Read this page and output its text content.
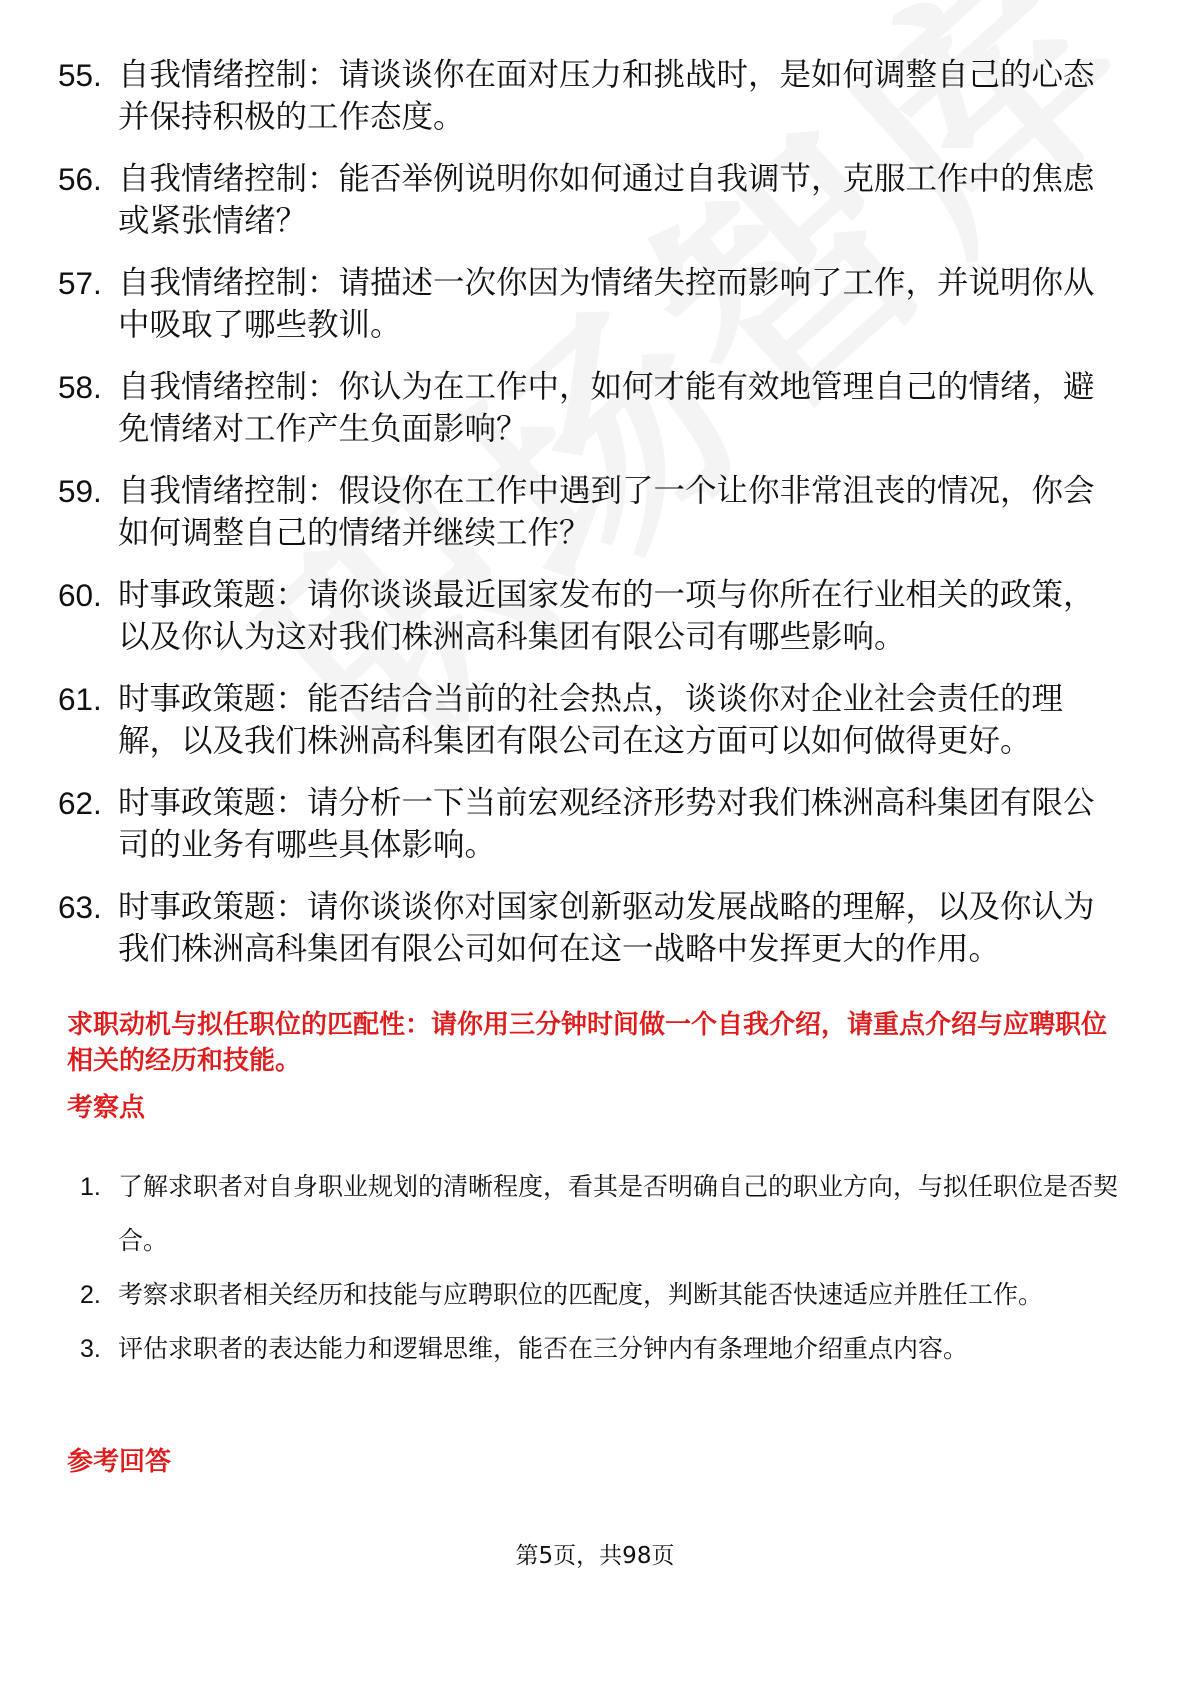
55. 自我情绪控制：请谈谈你在面对压力和挑战时，是如何调整自己的心态并保持积极的工作态度。
56. 自我情绪控制：能否举例说明你如何通过自我调节，克服工作中的焦虑或紧张情绪？
57. 自我情绪控制：请描述一次你因为情绪失控而影响了工作，并说明你从中吸取了哪些教训。
58. 自我情绪控制：你认为在工作中，如何才能有效地管理自己的情绪，避免情绪对工作产生负面影响？
59. 自我情绪控制：假设你在工作中遇到了一个让你非常沮丧的情况，你会如何调整自己的情绪并继续工作？
60. 时事政策题：请你谈谈最近国家发布的一项与你所在行业相关的政策，以及你认为这对我们株洲高科集团有限公司有哪些影响。
61. 时事政策题：能否结合当前的社会热点，谈谈你对企业社会责任的理解，以及我们株洲高科集团有限公司在这方面可以如何做得更好。
62. 时事政策题：请分析一下当前宏观经济形势对我们株洲高科集团有限公司的业务有哪些具体影响。
63. 时事政策题：请你谈谈你对国家创新驱动发展战略的理解，以及你认为我们株洲高科集团有限公司如何在这一战略中发挥更大的作用。

求职动机与拟任职位的匹配性：请你用三分钟时间做一个自我介绍，请重点介绍与应聘职位相关的经历和技能。

考察点

1. 了解求职者对自身职业规划的清晰程度，看其是否明确自己的职业方向，与拟任职位是否契合。
2. 考察求职者相关经历和技能与应聘职位的匹配度，判断其能否快速适应并胜任工作。
3. 评估求职者的表达能力和逻辑思维，能否在三分钟内有条理地介绍重点内容。

参考回答

第5页，共98页
